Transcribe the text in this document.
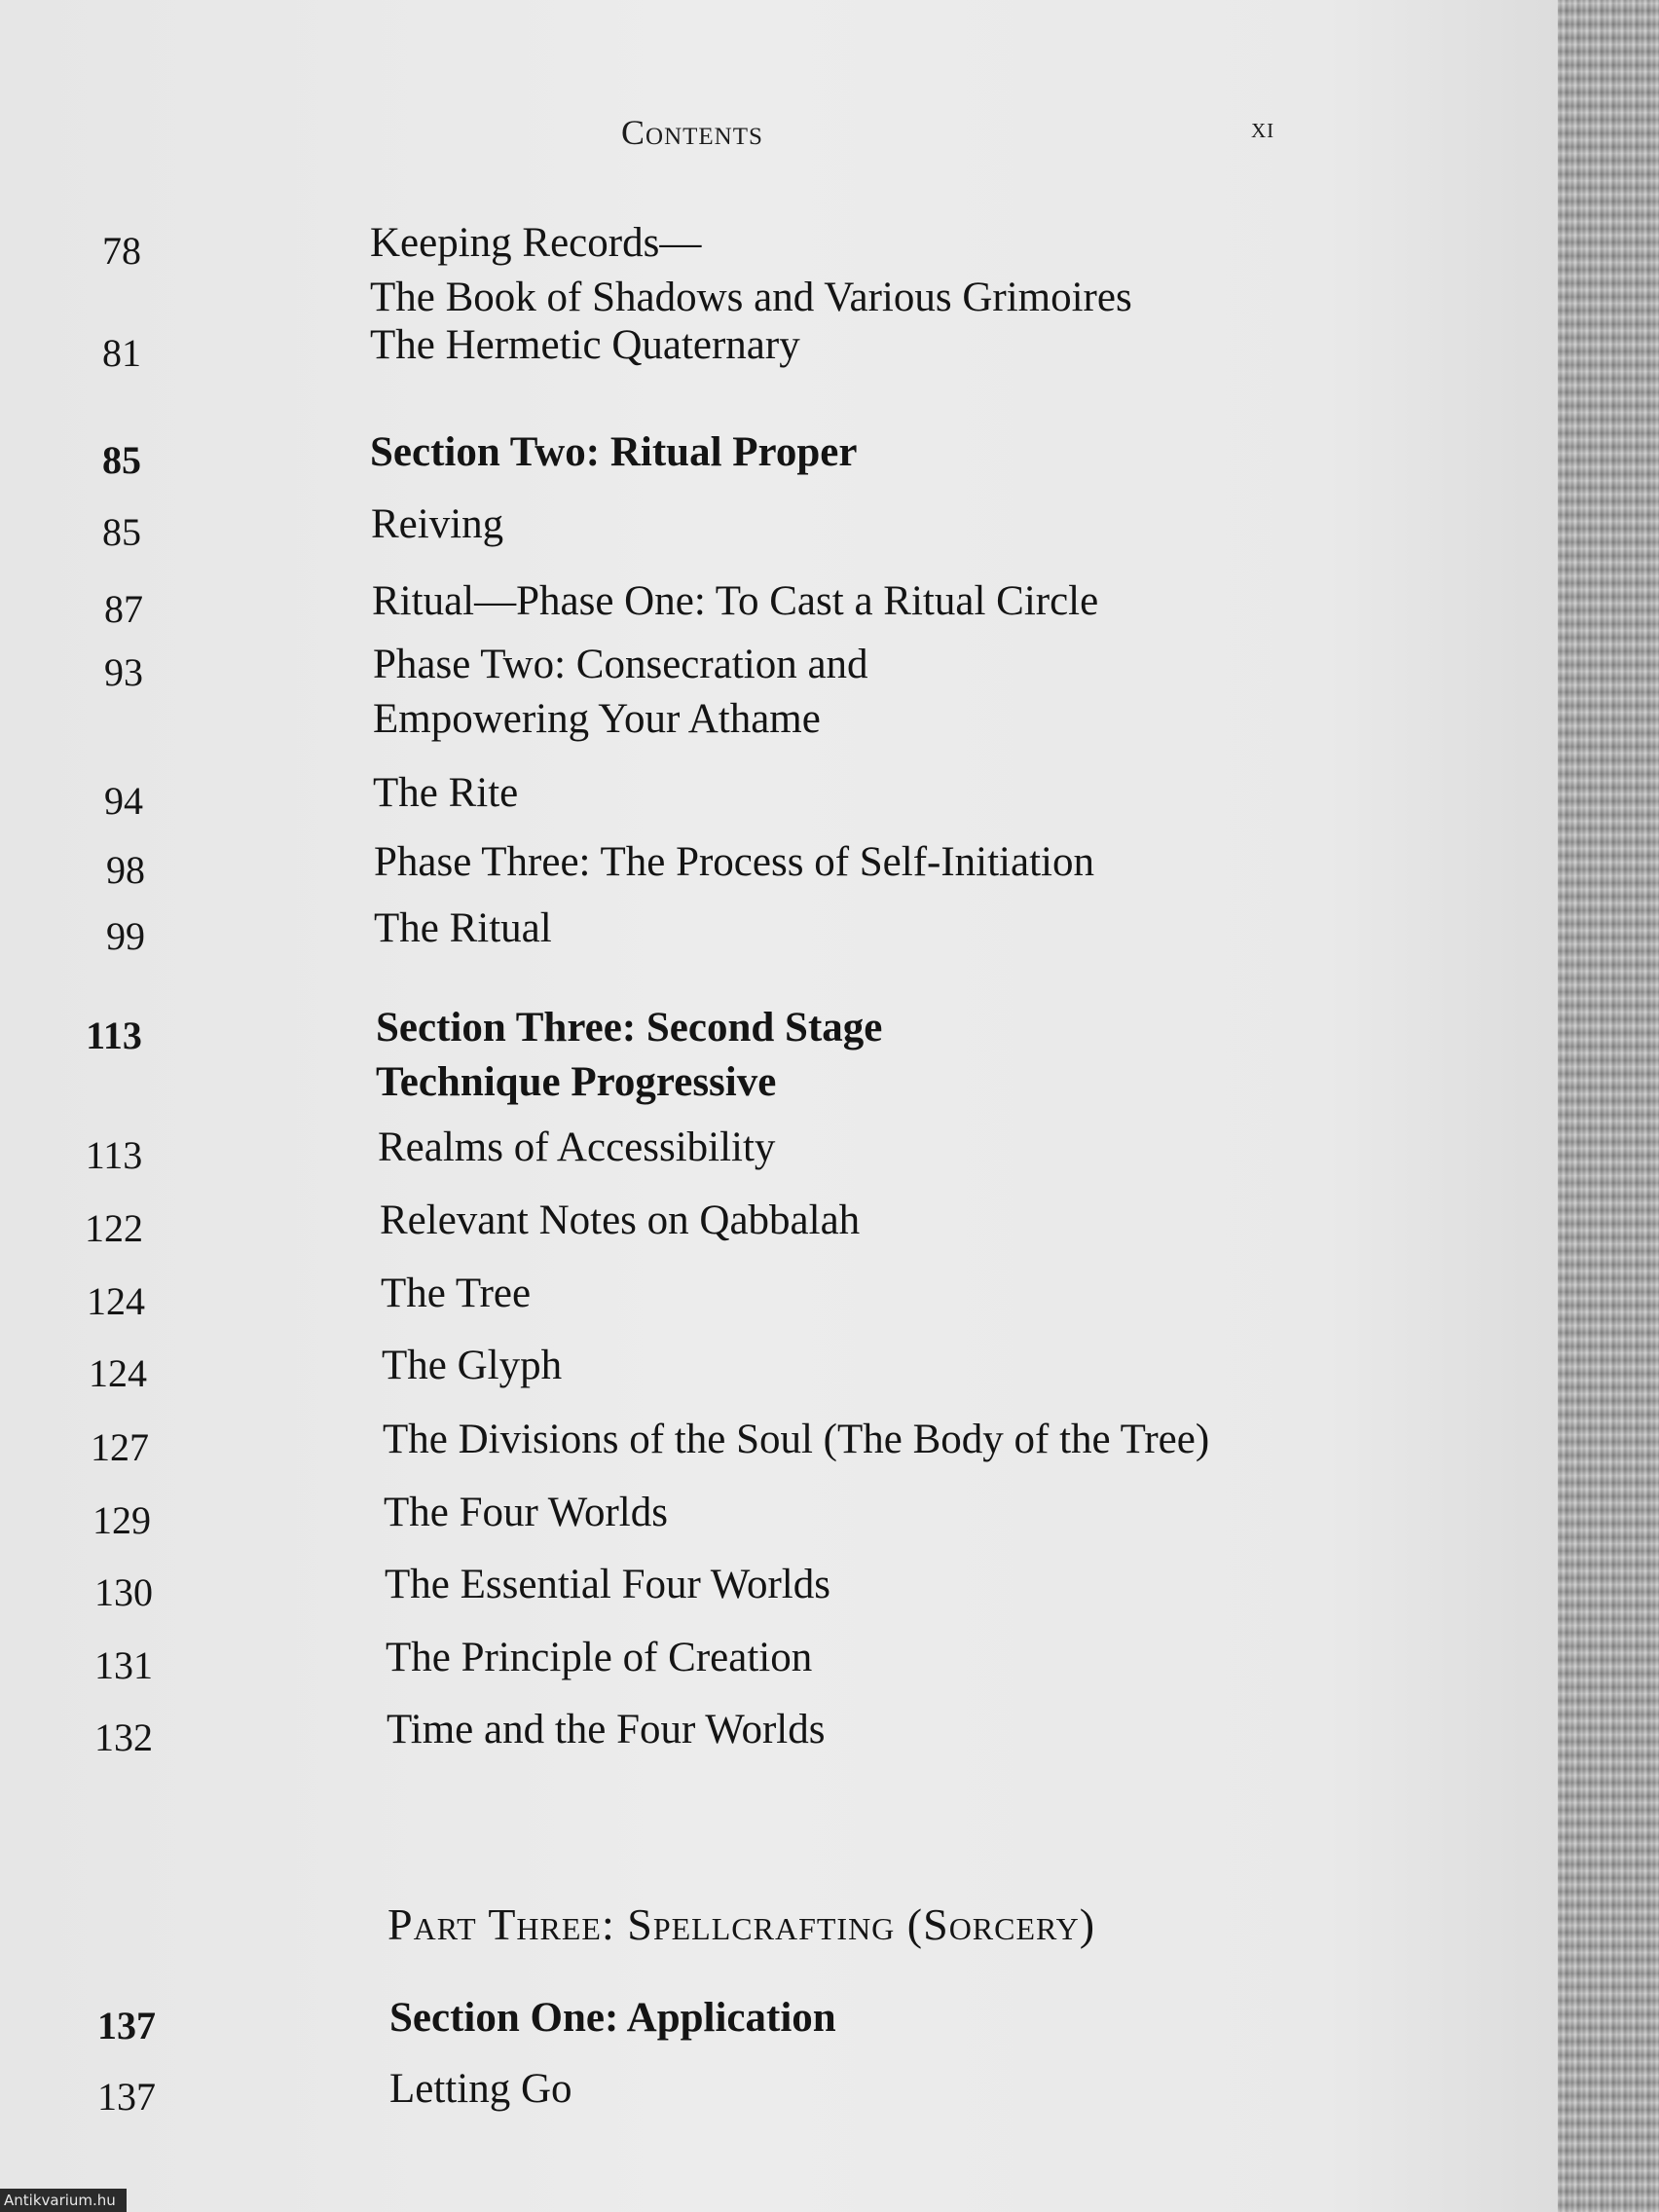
Contents	xi
78	Keeping Records—
The Book of Shadows and Various Grimoires
81	The Hermetic Quaternary
85	Section Two: Ritual Proper
85	Reiving
87	Ritual—Phase One: To Cast a Ritual Circle
93	Phase Two: Consecration and
Empowering Your Athame
94	The Rite
98	Phase Three: The Process of Self-Initiation
99	The Ritual
113	Section Three: Second Stage
Technique Progressive
113	Realms of Accessibility
122	Relevant Notes on Qabbalah
124	The Tree
124	The Glyph
127	The Divisions of the Soul (The Body of the Tree)
129	The Four Worlds
130	The Essential Four Worlds
131	The Principle of Creation
132	Time and the Four Worlds
137	Section One: Application
137	Letting Go
Part Three: Spellcrafting (Sorcery)
Antikvarium.hu
